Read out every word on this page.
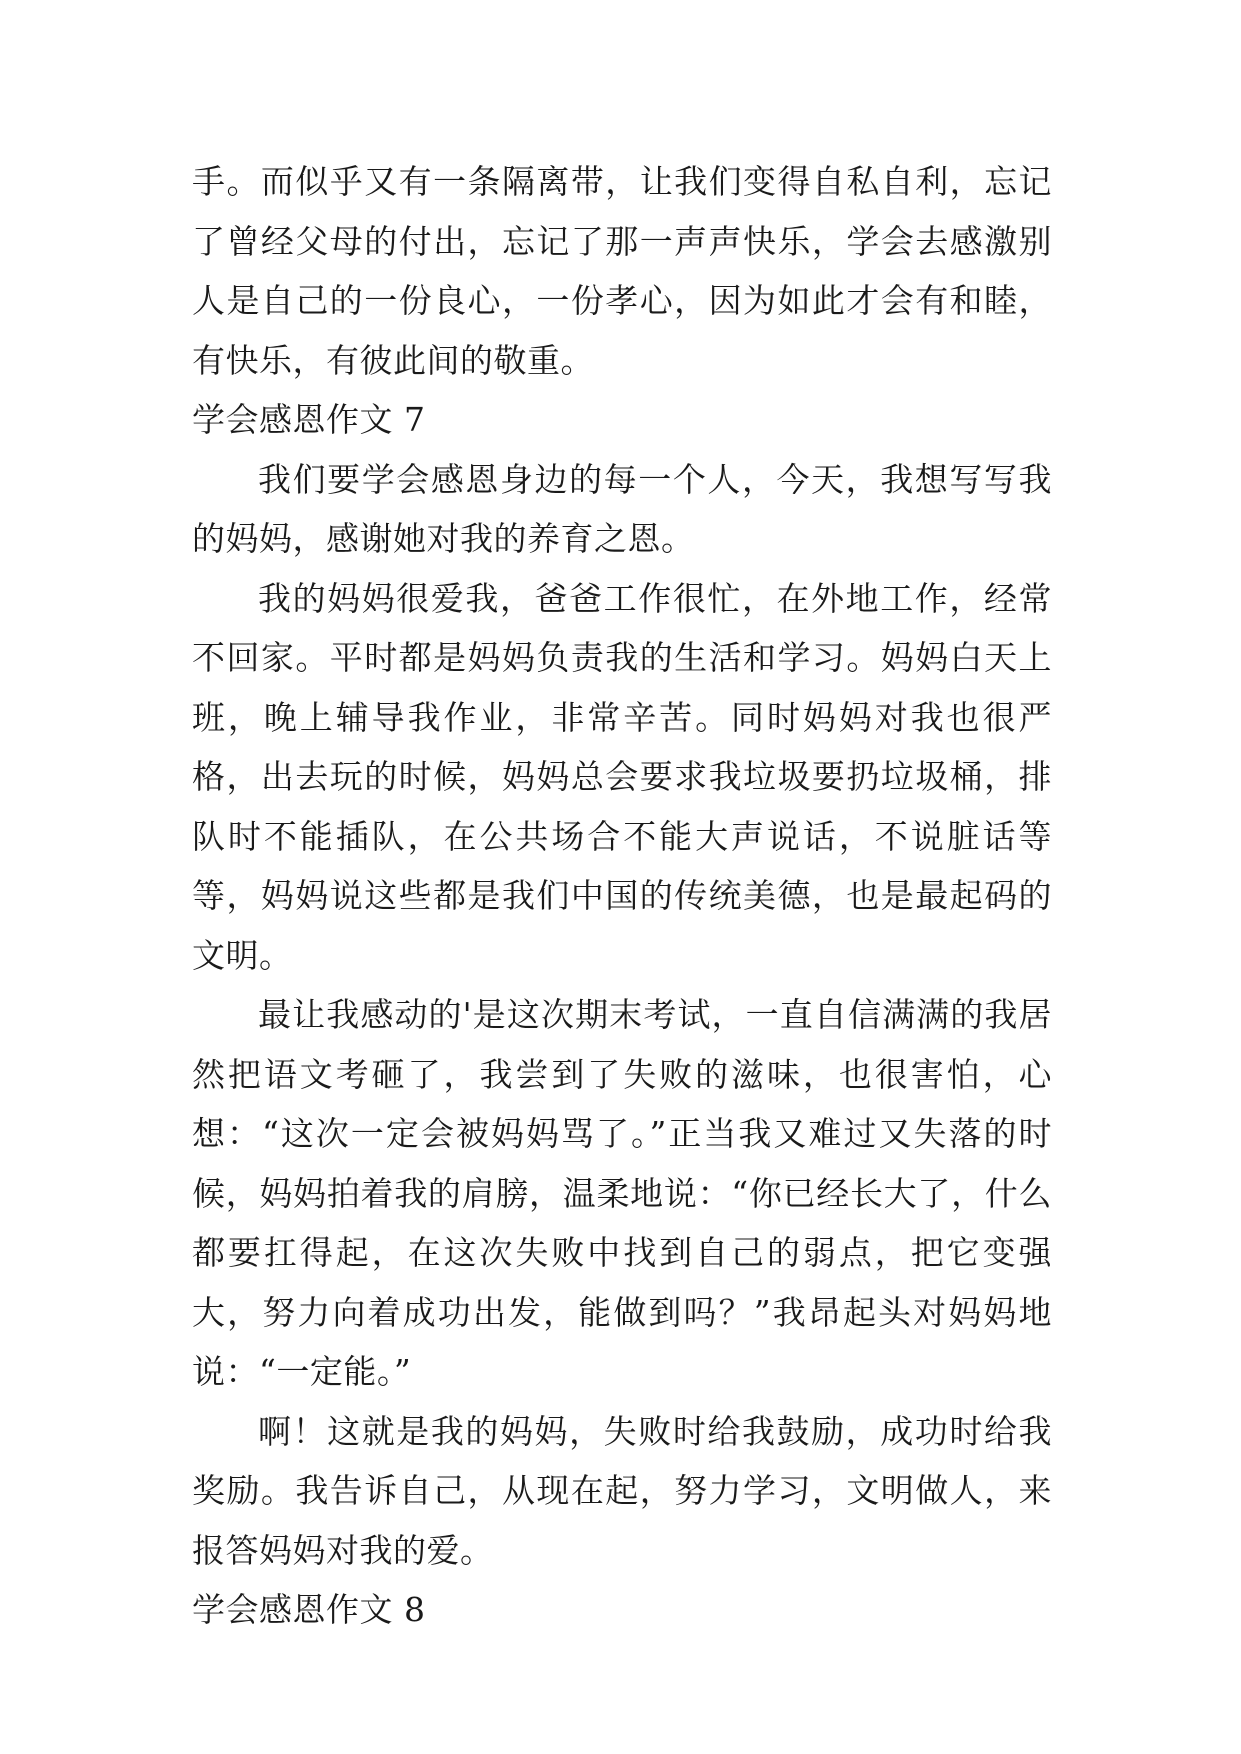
手。而似乎又有一条隔离带，让我们变得自私自利，忘记了曾经父母的付出，忘记了那一声声快乐，学会去感激别人是自己的一份良心，一份孝心，因为如此才会有和睦，有快乐，有彼此间的敬重。

学会感恩作文 7

我们要学会感恩身边的每一个人，今天，我想写写我的妈妈，感谢她对我的养育之恩。

我的妈妈很爱我，爸爸工作很忙，在外地工作，经常不回家。平时都是妈妈负责我的生活和学习。妈妈白天上班，晚上辅导我作业，非常辛苦。同时妈妈对我也很严格，出去玩的时候，妈妈总会要求我垃圾要扔垃圾桶，排队时不能插队，在公共场合不能大声说话，不说脏话等等，妈妈说这些都是我们中国的传统美德，也是最起码的文明。

最让我感动的'是这次期末考试，一直自信满满的我居然把语文考砸了，我尝到了失败的滋味，也很害怕，心想：“这次一定会被妈妈骂了。”正当我又难过又失落的时候，妈妈拍着我的肩膀，温柔地说：“你已经长大了，什么都要扛得起，在这次失败中找到自己的弱点，把它变强大，努力向着成功出发，能做到吗？”我昂起头对妈妈地说：“一定能。”

啊！这就是我的妈妈，失败时给我鼓励，成功时给我奖励。我告诉自己，从现在起，努力学习，文明做人，来报答妈妈对我的爱。

学会感恩作文 8
